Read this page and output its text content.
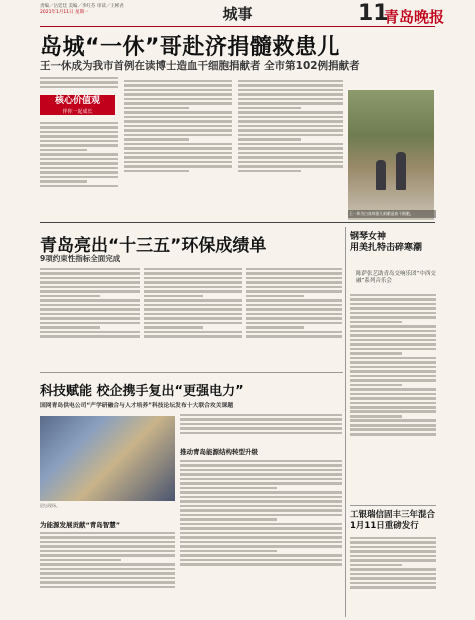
责编／岳廷廷 美编／李红芬 审读／王彬君
2021年1月11日 星期一	城事	11
青岛晚报
岛城“一休”哥赴济捐髓救患儿
王一休成为我市首例在读博士造血干细胞捐献者 全市第102例捐献者
核心价值观
伴你一起成长
王一休为白血病患儿捐献造血干细胞。
青岛亮出“十三五”环保成绩单
9项约束性指标全面完成
科技赋能 校企携手复出“更强电力”
国网青岛供电公司“产学研融合与人才培养”科技论坛发布十大联合攻关课题
推动青岛能源结构转型升级
论坛现场。
为能源发展贡献“青岛智慧”
钢琴女神
用美扎特击碎寒潮
陈萨张艺助青岛交响乐团“中西交融”系列音乐会
工银瑞信固丰三年混合
1月11日重磅发行
